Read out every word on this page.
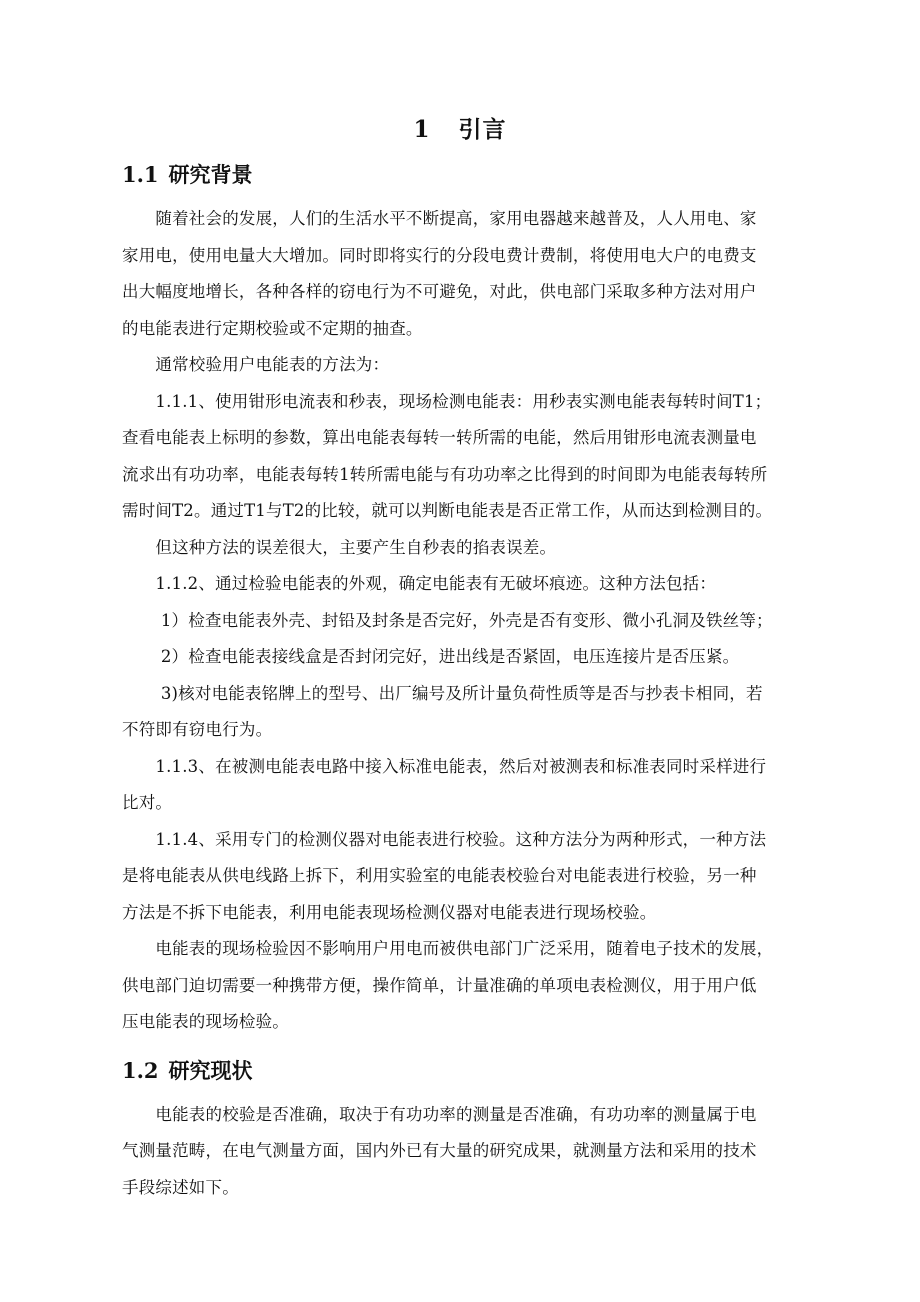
1 引言
1.1 研究背景

　　随着社会的发展，人们的生活水平不断提高，家用电器越来越普及，人人用电、家

家用电，使用电量大大增加。同时即将实行的分段电费计费制，将使用电大户的电费支

出大幅度地增长，各种各样的窃电行为不可避免，对此，供电部门采取多种方法对用户

的电能表进行定期校验或不定期的抽查。

　　通常校验用户电能表的方法为：

　　1.1.1、使用钳形电流表和秒表，现场检测电能表：用秒表实测电能表每转时间T1；

查看电能表上标明的参数，算出电能表每转一转所需的电能，然后用钳形电流表测量电

流求出有功功率，电能表每转1转所需电能与有功功率之比得到的时间即为电能表每转所

需时间T2。通过T1与T2的比较，就可以判断电能表是否正常工作，从而达到检测目的。

　　但这种方法的误差很大，主要产生自秒表的掐表误差。

　　1.1.2、通过检验电能表的外观，确定电能表有无破坏痕迹。这种方法包括：

　　 1）检查电能表外壳、封铅及封条是否完好，外壳是否有变形、微小孔洞及铁丝等；

　　 2）检查电能表接线盒是否封闭完好，进出线是否紧固，电压连接片是否压紧。

　　 3)核对电能表铭牌上的型号、出厂编号及所计量负荷性质等是否与抄表卡相同，若

不符即有窃电行为。

　　1.1.3、在被测电能表电路中接入标准电能表，然后对被测表和标准表同时采样进行

比对。

　　1.1.4、采用专门的检测仪器对电能表进行校验。这种方法分为两种形式，一种方法

是将电能表从供电线路上拆下，利用实验室的电能表校验台对电能表进行校验，另一种

方法是不拆下电能表，利用电能表现场检测仪器对电能表进行现场校验。

　　电能表的现场检验因不影响用户用电而被供电部门广泛采用，随着电子技术的发展，

供电部门迫切需要一种携带方便，操作简单，计量准确的单项电表检测仪，用于用户低

压电能表的现场检验。

1.2 研究现状

　　电能表的校验是否准确，取决于有功功率的测量是否准确，有功功率的测量属于电

气测量范畴，在电气测量方面，国内外已有大量的研究成果，就测量方法和采用的技术

手段综述如下。
